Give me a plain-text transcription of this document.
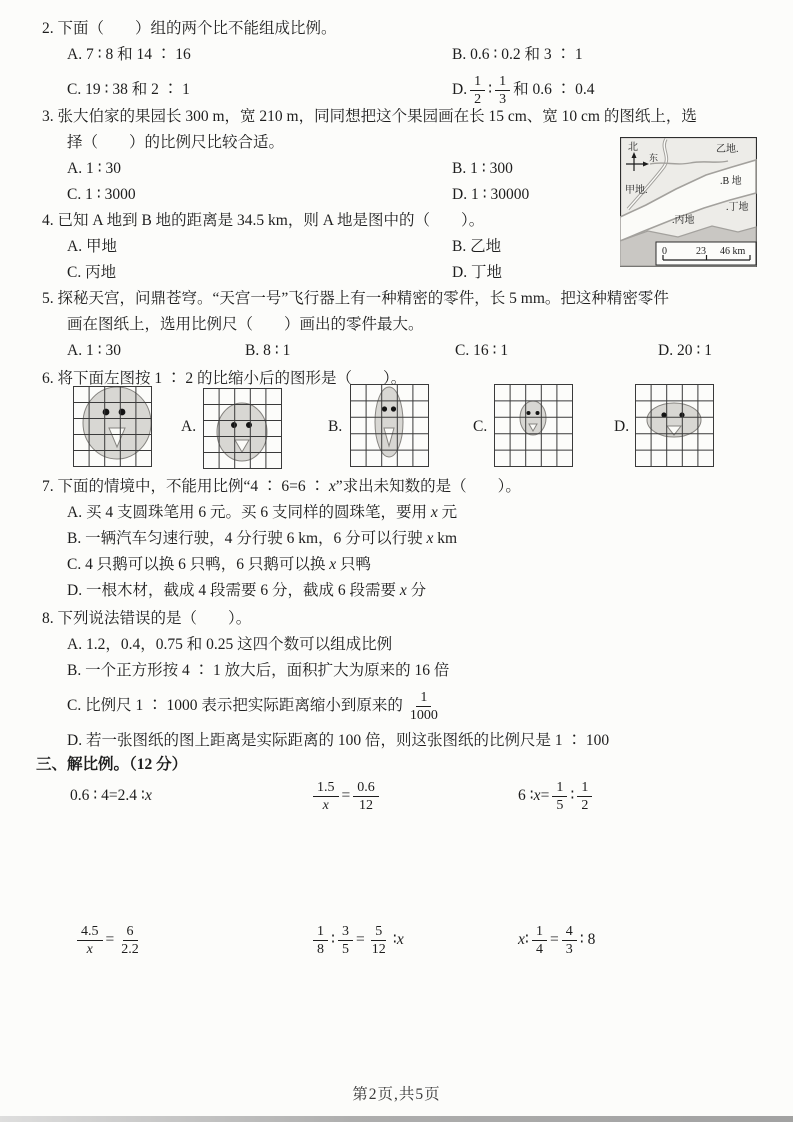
2. 下面（　　）组的两个比不能组成比例。
A. 7 ∶ 8 和 14 ∶ 16	B. 0.6 ∶ 0.2 和 3 ∶ 1
C. 19 ∶ 38 和 2 ∶ 1	D. $\frac{1}{2}$ ∶ $\frac{1}{3}$ 和 0.6 ∶ 0.4
3. 张大伯家的果园长 300 m，宽 210 m，同同想把这个果园画在长 15 cm、宽 10 cm 的图纸上，选
择（　　）的比例尺比较合适。
A. 1 ∶ 30	B. 1 ∶ 300
C. 1 ∶ 3000	D. 1 ∶ 30000
4. 已知 A 地到 B 地的距离是 34.5 km，则 A 地是图中的（　　）。
A. 甲地	B. 乙地
C. 丙地	D. 丁地
北
东
乙地.
.B 地
甲地.
.丁地
.丙地
0	23 46 km
5. 探秘天宫，问鼎苍穹。“天宫一号”飞行器上有一种精密的零件，长 5 mm。把这种精密零件
画在图纸上，选用比例尺（　　）画出的零件最大。
A. 1 ∶ 30	B. 8 ∶ 1	C. 16 ∶ 1	D. 20 ∶ 1
6. 将下面左图按 1 ∶ 2 的比缩小后的图形是（　　）。
A.	B.	C.	D.
7. 下面的情境中，不能用比例“4 ∶ 6=6 ∶ x”求出未知数的是（　　）。
A. 买 4 支圆珠笔用 6 元。买 6 支同样的圆珠笔，要用 x 元
B. 一辆汽车匀速行驶，4 分行驶 6 km，6 分可以行驶 x km
C. 4 只鹅可以换 6 只鸭，6 只鹅可以换 x 只鸭
D. 一根木材，截成 4 段需要 6 分，截成 6 段需要 x 分
8. 下列说法错误的是（　　）。
A. 1.2，0.4，0.75 和 0.25 这四个数可以组成比例
B. 一个正方形按 4 ∶ 1 放大后，面积扩大为原来的 16 倍
C. 比例尺 1 ∶ 1000 表示把实际距离缩小到原来的 $\frac{1}{1000}$
D. 若一张图纸的图上距离是实际距离的 100 倍，则这张图纸的比例尺是 1 ∶ 100
三、解比例。（12 分）
0.6 ∶ 4=2.4 ∶ x	$\frac{1.5}{x} = \frac{0.6}{12}$	6 ∶ $x = \frac{1}{5}$ ∶ $\frac{1}{2}$
$\frac{4.5}{x} = \frac{6}{2.2}$	$\frac{1}{8}$ ∶ $\frac{3}{5} = \frac{5}{12}$ ∶ x	x ∶ $\frac{1}{4} = \frac{4}{3}$ ∶ 8
第2页,共5页
